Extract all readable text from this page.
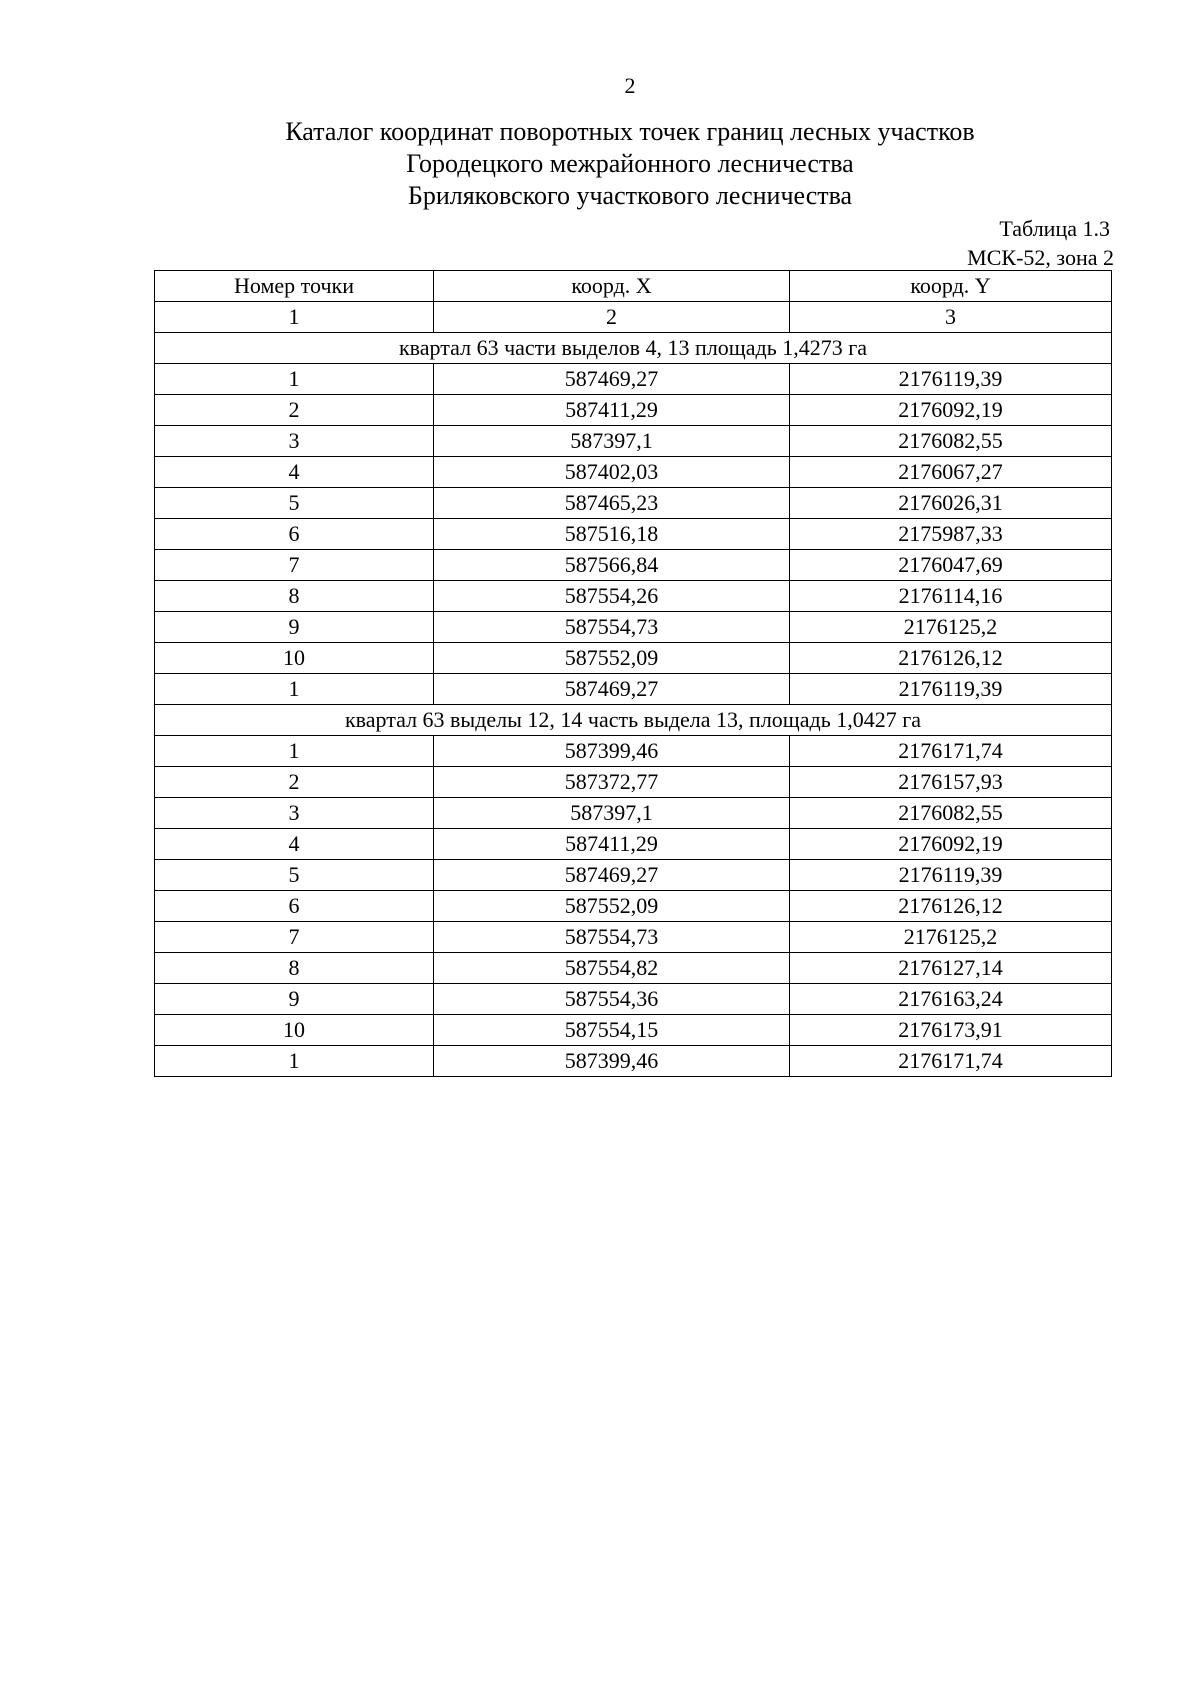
2
Каталог координат поворотных точек границ лесных участков
Городецкого межрайонного лесничества
Бриляковского участкового лесничества
Таблица 1.3
МСК-52, зона 2
Номер точки	коорд. X	коорд. Y
1	2	3
квартал 63 части выделов 4, 13 площадь 1,4273 га		
1	587469,27	2176119,39
2	587411,29	2176092,19
3	587397,1	2176082,55
4	587402,03	2176067,27
5	587465,23	2176026,31
6	587516,18	2175987,33
7	587566,84	2176047,69
8	587554,26	2176114,16
9	587554,73	2176125,2
10	587552,09	2176126,12
1	587469,27	2176119,39
квартал 63 выделы 12, 14 часть выдела 13, площадь 1,0427 га		
1	587399,46	2176171,74
2	587372,77	2176157,93
3	587397,1	2176082,55
4	587411,29	2176092,19
5	587469,27	2176119,39
6	587552,09	2176126,12
7	587554,73	2176125,2
8	587554,82	2176127,14
9	587554,36	2176163,24
10	587554,15	2176173,91
1	587399,46	2176171,74
